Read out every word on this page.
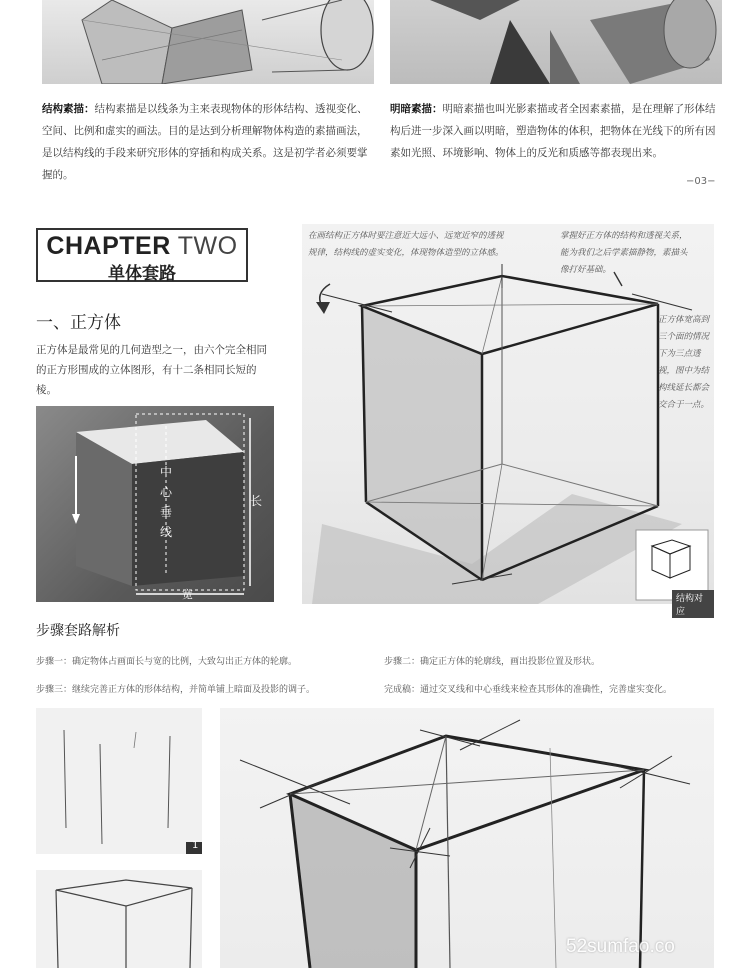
结构素描：结构素描是以线条为主来表现物体的形体结构、透视变化、空间、比例和虚实的画法。目的是达到分析理解物体构造的素描画法，是以结构线的手段来研究形体的穿插和构成关系。这是初学者必须要掌握的。
明暗素描：明暗素描也叫光影素描或者全因素素描，是在理解了形体结构后进一步深入画以明暗，塑造物体的体积，把物体在光线下的所有因素如光照、环境影响、物体上的反光和质感等都表现出来。
−03−
CHAPTER TWO
单体套路
一、正方体
正方体是最常见的几何造型之一，由六个完全相同的正方形围成的立体图形，有十二条相同长短的棱。
中心垂线
长
宽
在画结构正方体时要注意近大远小、远宽近窄的透视规律，结构线的虚实变化，体现物体造型的立体感。
掌握好正方体的结构和透视关系，能为我们之后学素描静物，素描头像打好基础。
正方体宽高到三个面的情况下为三点透视，图中为结构线延长都会交合于一点。
结构对应
步骤套路解析
步骤一：确定物体占画面长与宽的比例，大致勾出正方体的轮廓。	步骤二：确定正方体的轮廓线，画出投影位置及形状。
步骤三：继续完善正方体的形体结构，并简单铺上暗面及投影的调子。	完成稿：通过交叉线和中心垂线来检查其形体的准确性，完善虚实变化。
1
52sumfao.co
